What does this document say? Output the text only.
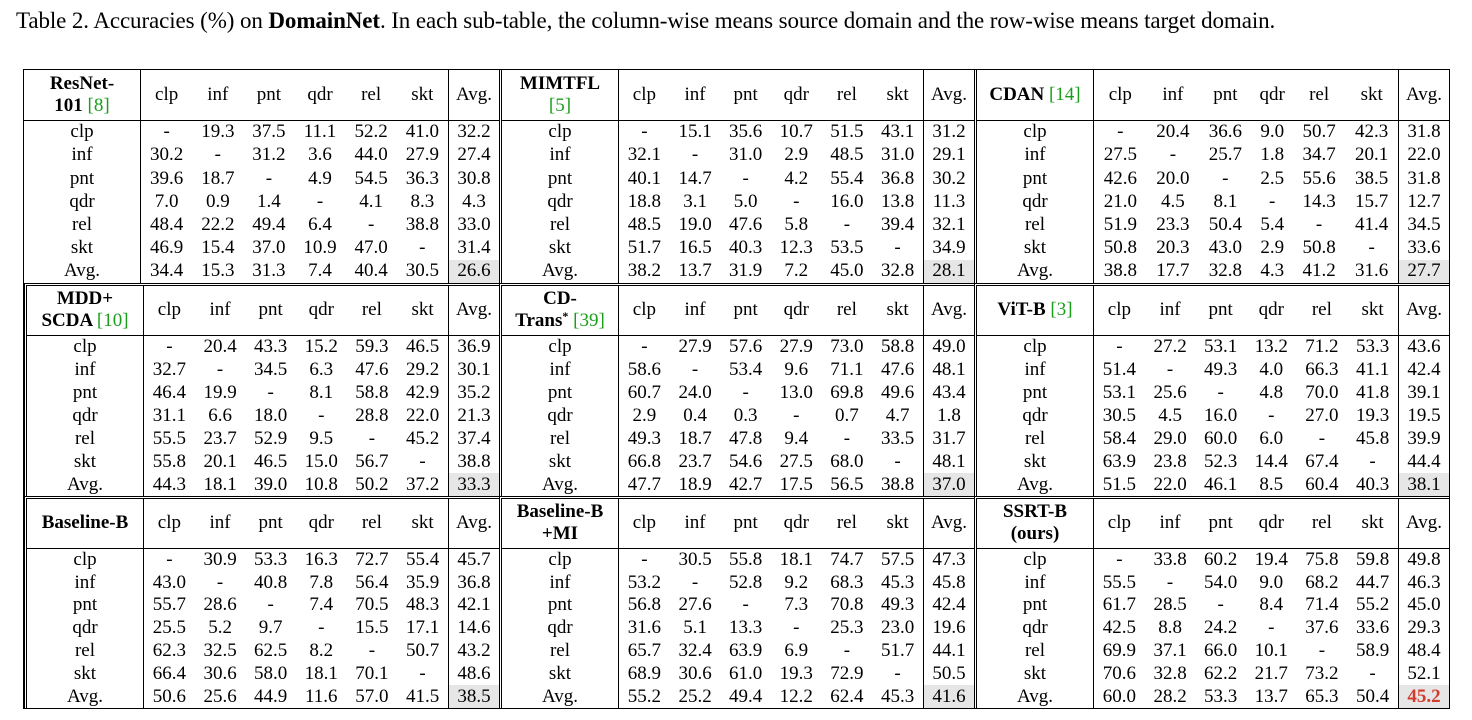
Table 2. Accuracies (%) on DomainNet. In each sub-table, the column-wise means source domain and the row-wise means target domain.
ResNet-
101 [8]	clp	inf	pnt	qdr	rel	skt	Avg.
clp	-	19.3	37.5	11.1	52.2	41.0	32.2
inf	30.2	-	31.2	3.6	44.0	27.9	27.4
pnt	39.6	18.7	-	4.9	54.5	36.3	30.8
qdr	7.0	0.9	1.4	-	4.1	8.3	4.3
rel	48.4	22.2	49.4	6.4	-	38.8	33.0
skt	46.9	15.4	37.0	10.9	47.0	-	31.4
Avg.	34.4	15.3	31.3	7.4	40.4	30.5	26.6
MIMTFL
[5]	clp	inf	pnt	qdr	rel	skt	Avg.
clp	-	15.1	35.6	10.7	51.5	43.1	31.2
inf	32.1	-	31.0	2.9	48.5	31.0	29.1
pnt	40.1	14.7	-	4.2	55.4	36.8	30.2
qdr	18.8	3.1	5.0	-	16.0	13.8	11.3
rel	48.5	19.0	47.6	5.8	-	39.4	32.1
skt	51.7	16.5	40.3	12.3	53.5	-	34.9
Avg.	38.2	13.7	31.9	7.2	45.0	32.8	28.1
CDAN [14]	clp	inf	pnt	qdr	rel	skt	Avg.
clp	-	20.4	36.6	9.0	50.7	42.3	31.8
inf	27.5	-	25.7	1.8	34.7	20.1	22.0
pnt	42.6	20.0	-	2.5	55.6	38.5	31.8
qdr	21.0	4.5	8.1	-	14.3	15.7	12.7
rel	51.9	23.3	50.4	5.4	-	41.4	34.5
skt	50.8	20.3	43.0	2.9	50.8	-	33.6
Avg.	38.8	17.7	32.8	4.3	41.2	31.6	27.7
MDD+
SCDA [10]	clp	inf	pnt	qdr	rel	skt	Avg.
clp	-	20.4	43.3	15.2	59.3	46.5	36.9
inf	32.7	-	34.5	6.3	47.6	29.2	30.1
pnt	46.4	19.9	-	8.1	58.8	42.9	35.2
qdr	31.1	6.6	18.0	-	28.8	22.0	21.3
rel	55.5	23.7	52.9	9.5	-	45.2	37.4
skt	55.8	20.1	46.5	15.0	56.7	-	38.8
Avg.	44.3	18.1	39.0	10.8	50.2	37.2	33.3
CD-
Trans* [39]	clp	inf	pnt	qdr	rel	skt	Avg.
clp	-	27.9	57.6	27.9	73.0	58.8	49.0
inf	58.6	-	53.4	9.6	71.1	47.6	48.1
pnt	60.7	24.0	-	13.0	69.8	49.6	43.4
qdr	2.9	0.4	0.3	-	0.7	4.7	1.8
rel	49.3	18.7	47.8	9.4	-	33.5	31.7
skt	66.8	23.7	54.6	27.5	68.0	-	48.1
Avg.	47.7	18.9	42.7	17.5	56.5	38.8	37.0
ViT-B [3]	clp	inf	pnt	qdr	rel	skt	Avg.
clp	-	27.2	53.1	13.2	71.2	53.3	43.6
inf	51.4	-	49.3	4.0	66.3	41.1	42.4
pnt	53.1	25.6	-	4.8	70.0	41.8	39.1
qdr	30.5	4.5	16.0	-	27.0	19.3	19.5
rel	58.4	29.0	60.0	6.0	-	45.8	39.9
skt	63.9	23.8	52.3	14.4	67.4	-	44.4
Avg.	51.5	22.0	46.1	8.5	60.4	40.3	38.1
Baseline-B	clp	inf	pnt	qdr	rel	skt	Avg.
clp	-	30.9	53.3	16.3	72.7	55.4	45.7
inf	43.0	-	40.8	7.8	56.4	35.9	36.8
pnt	55.7	28.6	-	7.4	70.5	48.3	42.1
qdr	25.5	5.2	9.7	-	15.5	17.1	14.6
rel	62.3	32.5	62.5	8.2	-	50.7	43.2
skt	66.4	30.6	58.0	18.1	70.1	-	48.6
Avg.	50.6	25.6	44.9	11.6	57.0	41.5	38.5
Baseline-B
+MI	clp	inf	pnt	qdr	rel	skt	Avg.
clp	-	30.5	55.8	18.1	74.7	57.5	47.3
inf	53.2	-	52.8	9.2	68.3	45.3	45.8
pnt	56.8	27.6	-	7.3	70.8	49.3	42.4
qdr	31.6	5.1	13.3	-	25.3	23.0	19.6
rel	65.7	32.4	63.9	6.9	-	51.7	44.1
skt	68.9	30.6	61.0	19.3	72.9	-	50.5
Avg.	55.2	25.2	49.4	12.2	62.4	45.3	41.6
SSRT-B
(ours)	clp	inf	pnt	qdr	rel	skt	Avg.
clp	-	33.8	60.2	19.4	75.8	59.8	49.8
inf	55.5	-	54.0	9.0	68.2	44.7	46.3
pnt	61.7	28.5	-	8.4	71.4	55.2	45.0
qdr	42.5	8.8	24.2	-	37.6	33.6	29.3
rel	69.9	37.1	66.0	10.1	-	58.9	48.4
skt	70.6	32.8	62.2	21.7	73.2	-	52.1
Avg.	60.0	28.2	53.3	13.7	65.3	50.4	45.2
